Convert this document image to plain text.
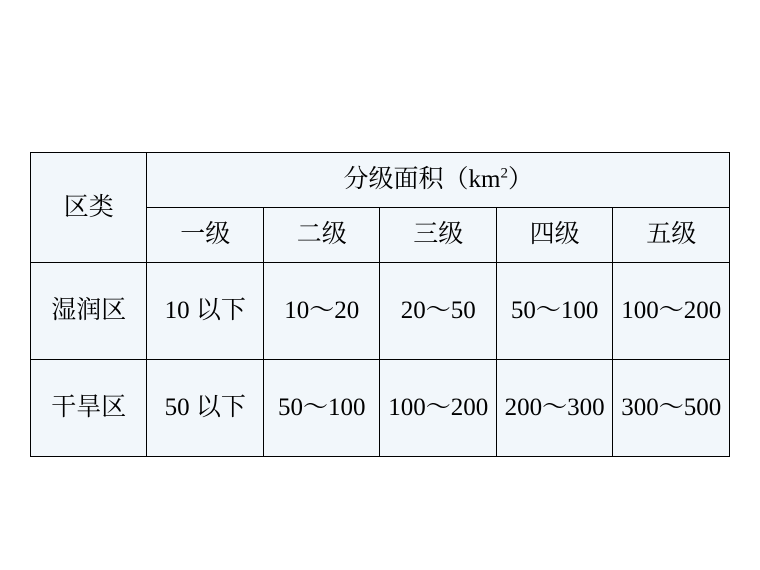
区类	分级面积$(km^2)$				
	一级	二级	三级	四级	五级
湿润区	10 以下	10～20	20～50	50～100	100～200
干旱区	50 以下	50～100	100～200	200～300	300～500
